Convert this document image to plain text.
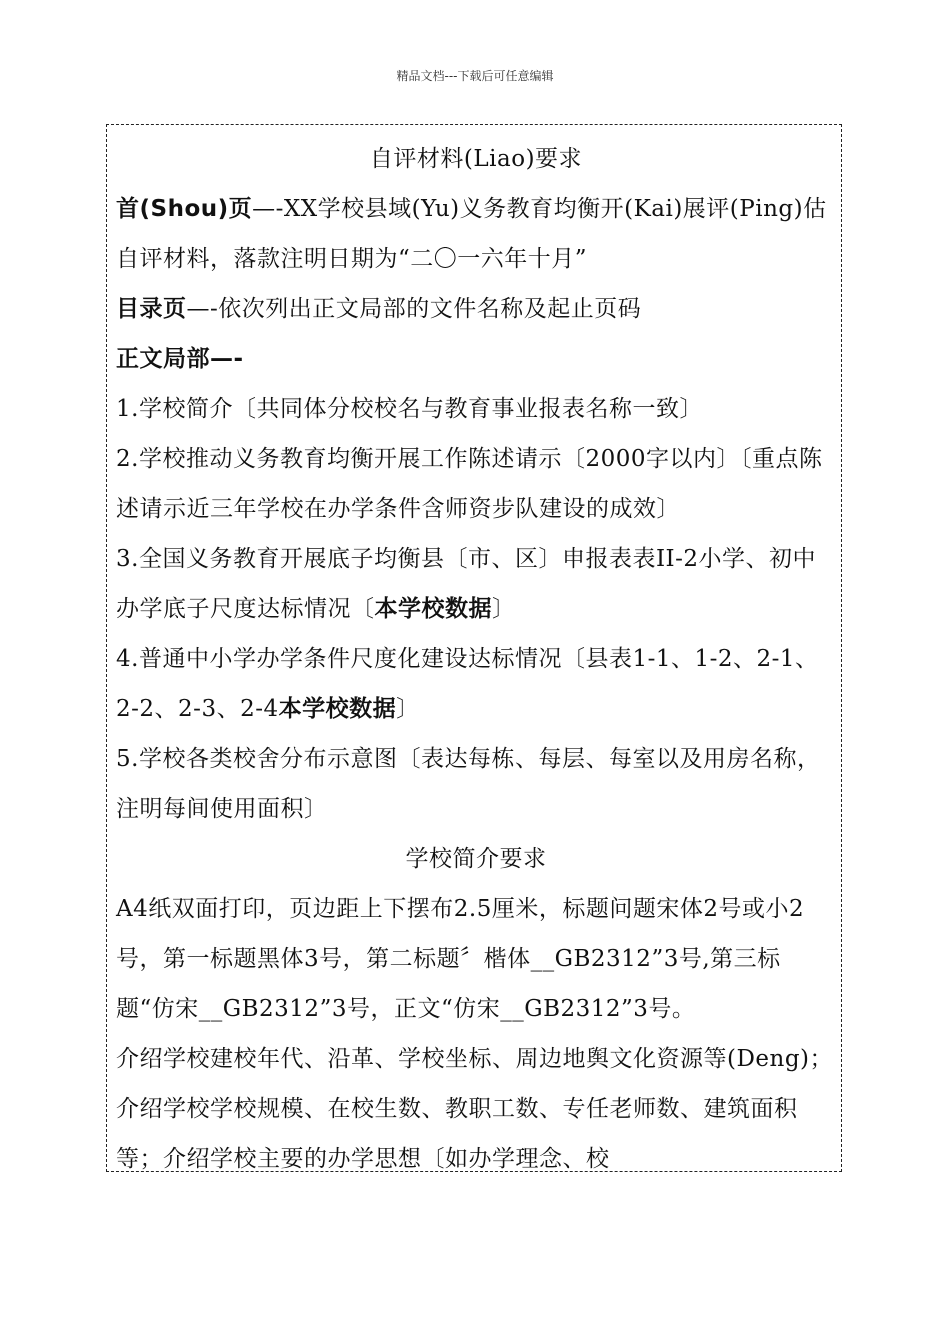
精品文档---下载后可任意编辑

自评材料(Liao)要求

首(Shou)页—-XX学校县域(Yu)义务教育均衡开(Kai)展评(Ping)估自评材料，落款注明日期为“二〇一六年十月”

目录页—-依次列出正文局部的文件名称及起止页码

正文局部—-

1.学校简介〔共同体分校校名与教育事业报表名称一致〕

2.学校推动义务教育均衡开展工作陈述请示〔2000字以内〕〔重点陈述请示近三年学校在办学条件含师资步队建设的成效〕

3.全国义务教育开展底子均衡县〔市、区〕申报表表II-2小学、初中办学底子尺度达标情况〔本学校数据〕

4.普通中小学办学条件尺度化建设达标情况〔县表1-1、1-2、2-1、2-2、2-3、2-4本学校数据〕

5.学校各类校舍分布示意图〔表达每栋、每层、每室以及用房名称，注明每间使用面积〕

学校简介要求

A4纸双面打印，页边距上下摆布2.5厘米，标题问题宋体2号或小2号，第一标题黑体3号，第二标题〞楷体__GB2312”3号,第三标题“仿宋__GB2312”3号，正文“仿宋__GB2312”3号。

介绍学校建校年代、沿革、学校坐标、周边地舆文化资源等(Deng)；介绍学校学校规模、在校生数、教职工数、专任老师数、建筑面积等；介绍学校主要的办学思想〔如办学理念、校
